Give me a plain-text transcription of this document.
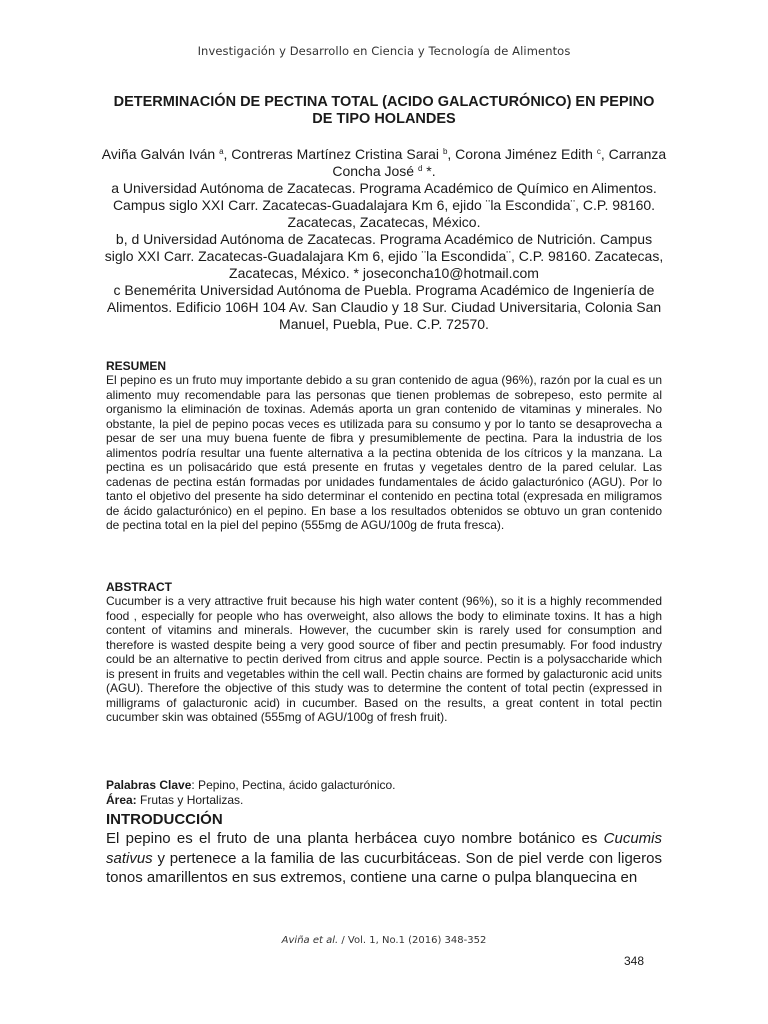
Investigación y Desarrollo en Ciencia y Tecnología de Alimentos
DETERMINACIÓN DE PECTINA TOTAL (ACIDO GALACTURÓNICO) EN PEPINO DE TIPO HOLANDES

Aviña Galván Iván $^a$, Contreras Martínez Cristina Sarai $^b$, Corona Jiménez Edith $^c$, Carranza Concha José $^d$ *.

a Universidad Autónoma de Zacatecas. Programa Académico de Químico en Alimentos. Campus siglo XXI Carr. Zacatecas-Guadalajara Km 6, ejido ¨la Escondida¨, C.P. 98160. Zacatecas, Zacatecas, México.

b, d Universidad Autónoma de Zacatecas. Programa Académico de Nutrición. Campus siglo XXI Carr. Zacatecas-Guadalajara Km 6, ejido ¨la Escondida¨, C.P. 98160. Zacatecas, Zacatecas, México. * joseconcha10@hotmail.com

c Benemérita Universidad Autónoma de Puebla. Programa Académico de Ingeniería de Alimentos. Edificio 106H 104 Av. San Claudio y 18 Sur. Ciudad Universitaria, Colonia San Manuel, Puebla, Pue. C.P. 72570.

RESUMEN

El pepino es un fruto muy importante debido a su gran contenido de agua (96%), razón por la cual es un alimento muy recomendable para las personas que tienen problemas de sobrepeso, esto permite al organismo la eliminación de toxinas. Además aporta un gran contenido de vitaminas y minerales. No obstante, la piel de pepino pocas veces es utilizada para su consumo y por lo tanto se desaprovecha a pesar de ser una muy buena fuente de fibra y presumiblemente de pectina. Para la industria de los alimentos podría resultar una fuente alternativa a la pectina obtenida de los cítricos y la manzana. La pectina es un polisacárido que está presente en frutas y vegetales dentro de la pared celular. Las cadenas de pectina están formadas por unidades fundamentales de ácido galacturónico (AGU). Por lo tanto el objetivo del presente ha sido determinar el contenido en pectina total (expresada en miligramos de ácido galacturónico) en el pepino. En base a los resultados obtenidos se obtuvo un gran contenido de pectina total en la piel del pepino (555mg de AGU/100g de fruta fresca).

ABSTRACT

Cucumber is a very attractive fruit because his high water content (96%), so it is a highly recommended food , especially for people who has overweight, also allows the body to eliminate toxins. It has a high content of vitamins and minerals. However, the cucumber skin is rarely used for consumption and therefore is wasted despite being a very good source of fiber and pectin presumably. For food industry could be an alternative to pectin derived from citrus and apple source. Pectin is a polysaccharide which is present in fruits and vegetables within the cell wall. Pectin chains are formed by galacturonic acid units (AGU). Therefore the objective of this study was to determine the content of total pectin (expressed in milligrams of galacturonic acid) in cucumber. Based on the results, a great content in total pectin cucumber skin was obtained (555mg of AGU/100g of fresh fruit).

Palabras Clave: Pepino, Pectina, ácido galacturónico.

Área: Frutas y Hortalizas.

INTRODUCCIÓN

El pepino es el fruto de una planta herbácea cuyo nombre botánico es Cucumis sativus y pertenece a la familia de las cucurbitáceas. Son de piel verde con ligeros tonos amarillentos en sus extremos, contiene una carne o pulpa blanquecina en

Aviña et al. / Vol. 1, No.1 (2016) 348-352
348
